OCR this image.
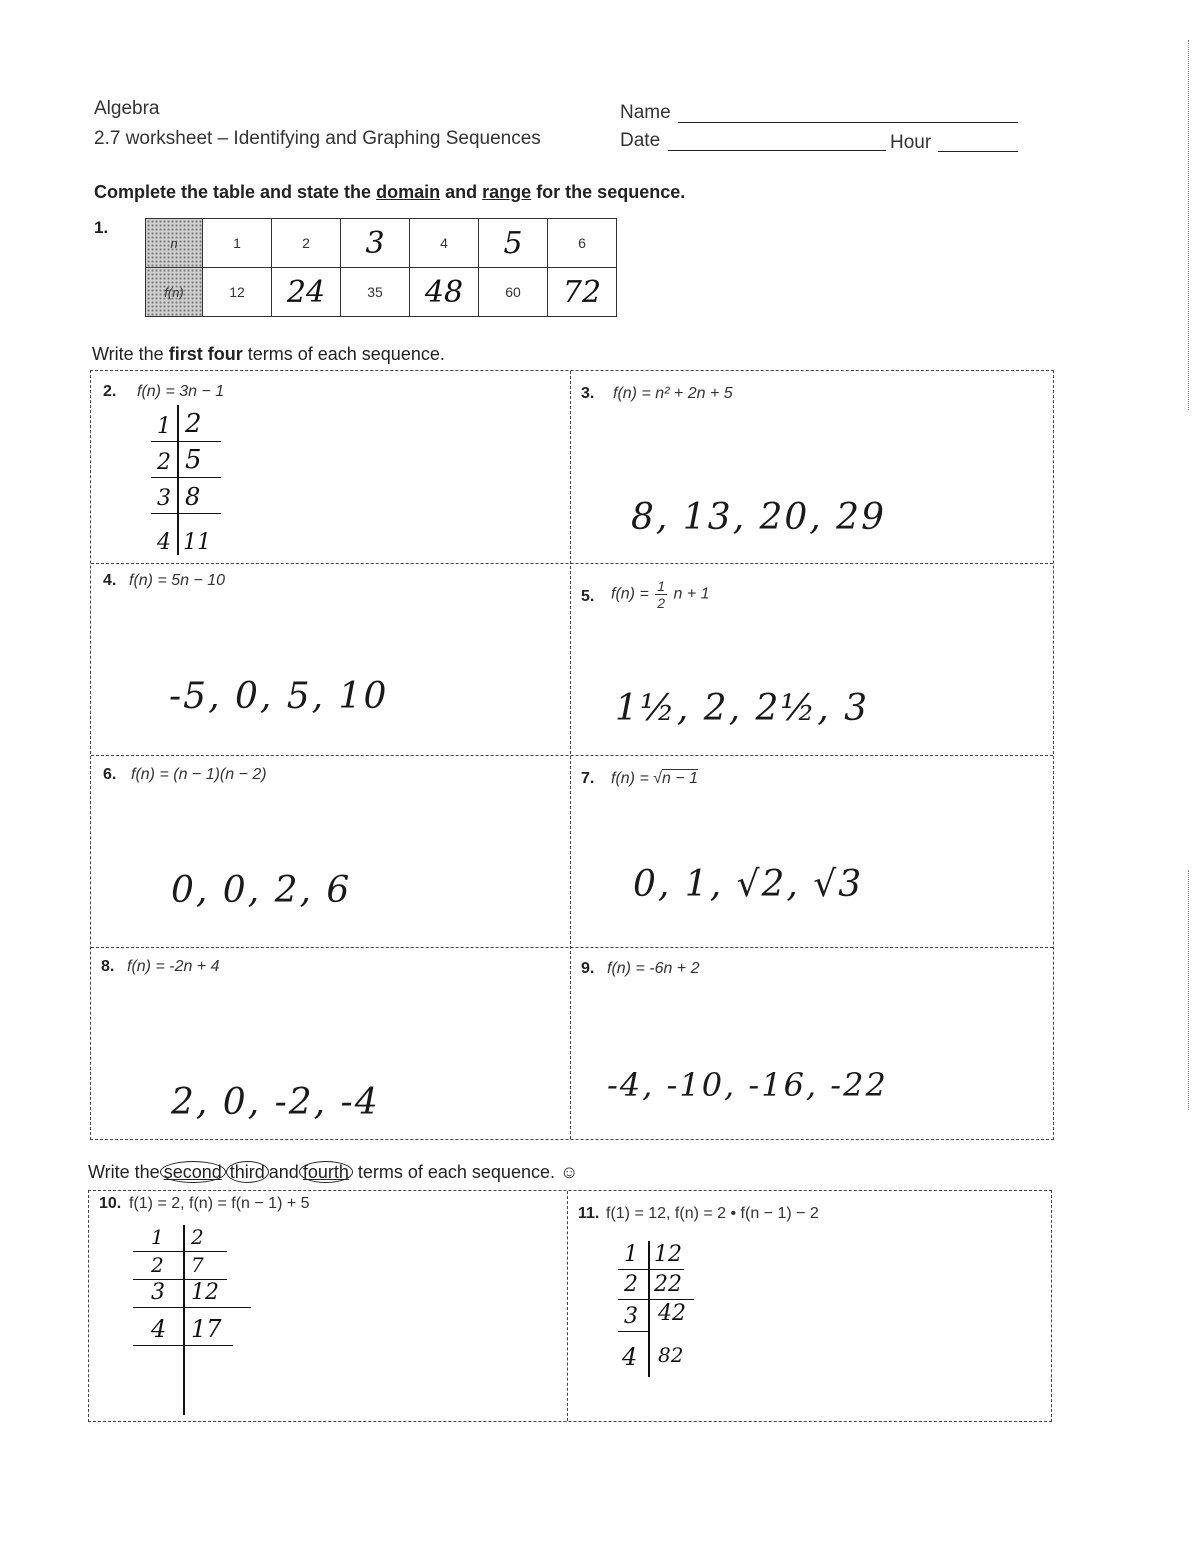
Algebra
2.7 worksheet – Identifying and Graphing Sequences
Name
Date	Hour
Complete the table and state the domain and range for the sequence.
1.
n	1	2	3	4	5	6
f(n)	12	24	35	48	60	72
Write the first four terms of each sequence.
2. f(n) = 3n − 1
1 2
2 5
3 8
4 11
3. f(n) = n² + 2n + 5
8, 13, 20, 29
4. f(n) = 5n − 10
-5, 0, 5, 10
5. $f(n) = \frac{1}{2}$ n + 1
1½, 2, 2½, 3
6. f(n) = (n − 1)(n − 2)
0, 0, 2, 6
7. f(n) = √n − 1
0, 1, √2, √3
8. f(n) = -2n + 4
2, 0, -2, -4
9. f(n) = -6n + 2
-4, -10, -16, -22
Write the second third and fourth terms of each sequence. ☺
10. f(1) = 2, f(n) = f(n − 1) + 5
1 2
2 7
3 12
4 17
11. f(1) = 12, f(n) = 2 • f(n − 1) − 2
1 12
2 22
3 42
4 82
